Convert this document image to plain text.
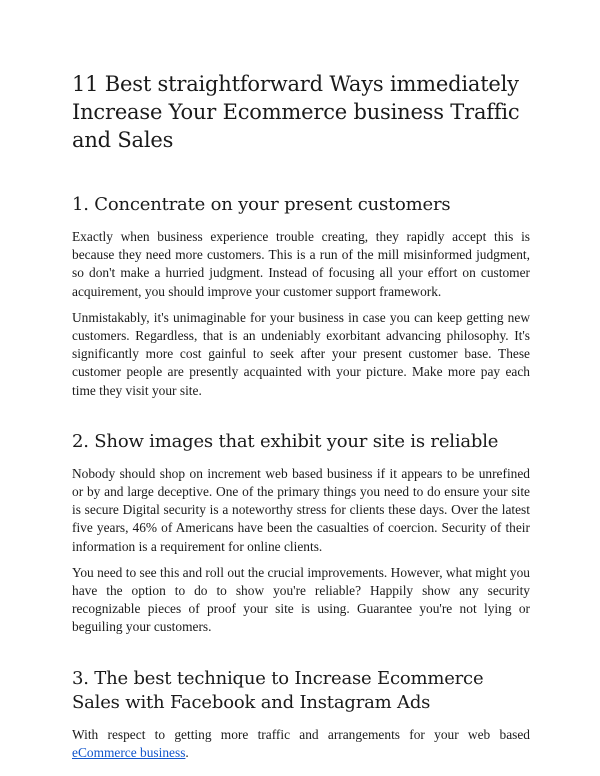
11 Best straightforward Ways immediately Increase Your Ecommerce business Traffic and Sales
1. Concentrate on your present customers

Exactly when business experience trouble creating, they rapidly accept this is because they need more customers. This is a run of the mill misinformed judgment, so don't make a hurried judgment. Instead of focusing all your effort on customer acquirement, you should improve your customer support framework.

Unmistakably, it's unimaginable for your business in case you can keep getting new customers. Regardless, that is an undeniably exorbitant advancing philosophy. It's significantly more cost gainful to seek after your present customer base. These customer people are presently acquainted with your picture. Make more pay each time they visit your site.

2. Show images that exhibit your site is reliable

Nobody should shop on increment web based business if it appears to be unrefined or by and large deceptive. One of the primary things you need to do ensure your site is secure Digital security is a noteworthy stress for clients these days. Over the latest five years, 46% of Americans have been the casualties of coercion. Security of their information is a requirement for online clients.

You need to see this and roll out the crucial improvements. However, what might you have the option to do to show you're reliable? Happily show any security recognizable pieces of proof your site is using. Guarantee you're not lying or beguiling your customers.

3. The best technique to Increase Ecommerce Sales with Facebook and Instagram Ads

With respect to getting more traffic and arrangements for your web based eCommerce business.
